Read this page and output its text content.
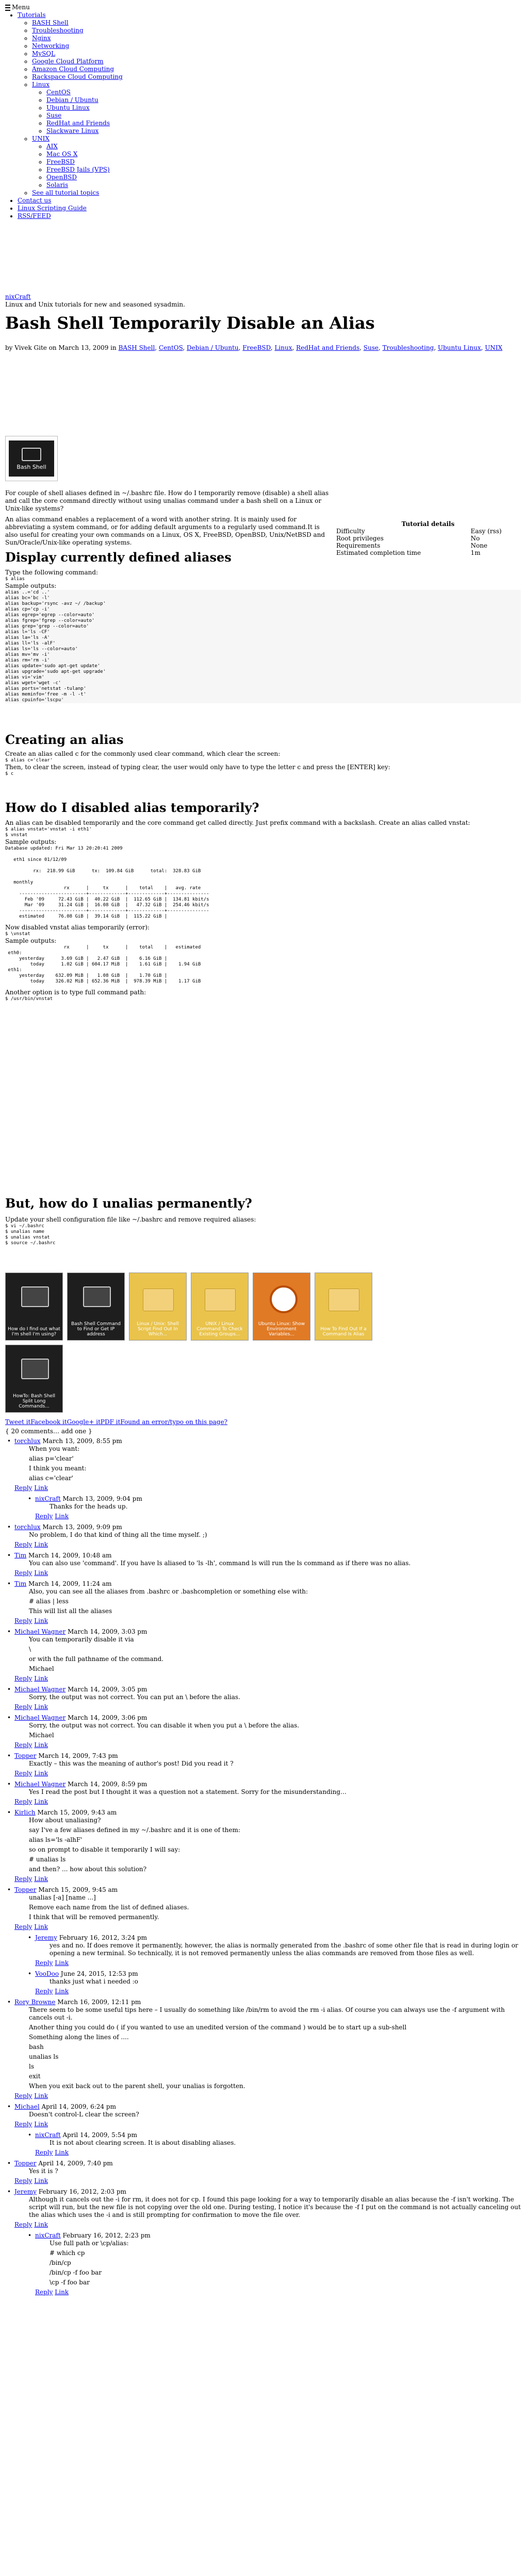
Menu
• Tutorials
◦ BASH Shell
◦ Troubleshooting
◦ Nginx
◦ Networking
◦ MySQL
◦ Google Cloud Platform
◦ Amazon Cloud Computing
◦ Rackspace Cloud Computing
◦ Linux
◦ CentOS
◦ Debian / Ubuntu
◦ Ubuntu Linux
◦ Suse
◦ RedHat and Friends
◦ Slackware Linux
◦ UNIX
◦ AIX
◦ Mac OS X
◦ FreeBSD
◦ FreeBSD Jails (VPS)
◦ OpenBSD
◦ Solaris
◦ See all tutorial topics
• Contact us
• Linux Scripting Guide
• RSS/FEED
Bash Shell Temporarily Disable an Alias
nixCraft
Linux and Unix tutorials for new and seasoned sysadmin.
by Vivek Gite on March 13, 2009 in BASH Shell, CentOS, Debian / Ubuntu, FreeBSD, Linux, RedHat and Friends, Suse, Troubleshooting, Ubuntu Linux, UNIX
Bash Shell

For couple of shell aliases defined in ~/.bashrc file. How do I temporarily remove (disable) a shell alias and call the core command directly without using unalias command under a bash shell on a Linux or Unix-like systems?

An alias command enables a replacement of a word with another string. It is mainly used for abbreviating a system command, or for adding default arguments to a regularly used command.It is also useful for creating your own commands on a Linux, OS X, FreeBSD, OpenBSD, Unix/NetBSD and Sun/Oracle/Unix-like operating systems.

Tutorial details
Difficulty	Easy (rss)
Root privileges	No
Requirements	None
Estimated completion time	1m
Display currently defined aliases
Type the following command:
$ alias
Sample outputs:
alias ..='cd ..'
alias bc='bc -l'
alias backup='rsync -avz ~/ /backup'
alias cp='cp -i'
alias egrep='egrep --color=auto'
alias fgrep='fgrep --color=auto'
alias grep='grep --color=auto'
alias l='ls -CF'
alias la='ls -A'
alias ll='ls -alF'
alias ls='ls --color=auto'
alias mv='mv -i'
alias rm='rm -i'
alias update='sudo apt-get update'
alias upgrade='sudo apt-get upgrade'
alias vi='vim'
alias wget='wget -c'
alias ports='netstat -tulanp'
alias meminfo='free -m -l -t'
alias cpuinfo='lscpu'
Creating an alias
Create an alias called c for the commonly used clear command, which clear the screen:
$ alias c='clear'
Then, to clear the screen, instead of typing clear, the user would only have to type the letter c and press the [ENTER] key:
$ c
How do I disabled alias temporarily?
An alias can be disabled temporarily and the core command get called directly. Just prefix command with a backslash. Create an alias called vnstat:
$ alias vnstat='vnstat -i eth1'
$ vnstat
Sample outputs:
Database updated: Fri Mar 13 20:20:41 2009

eth1 since 01/12/09

rx:  218.99 GiB      tx:  109.84 GiB      total:  328.83 GiB

monthly
rx      |     tx      |    total    |   avg. rate
------------------------+-------------+-------------+---------------
Feb '09     72.43 GiB |  40.22 GiB  |  112.65 GiB |  134.81 kbit/s
Mar '09     31.24 GiB |  16.08 GiB  |   47.32 GiB |  254.46 kbit/s
------------------------+-------------+-------------+---------------
estimated     76.08 GiB |  39.14 GiB  |  115.22 GiB |
Now disabled vnstat alias temporarily (error):
$ \vnstat
Sample outputs:
rx      |     tx      |    total    |   estimated
eth0:
yesterday      3.69 GiB |   2.47 GiB  |    6.16 GiB |
today      1.02 GiB | 604.17 MiB  |    1.61 GiB |    1.94 GiB
eth1:
yesterday    632.09 MiB |   1.08 GiB  |    1.70 GiB |
today    326.02 MiB | 652.36 MiB  |  978.39 MiB |    1.17 GiB
Another option is to type full command path:
$ /usr/bin/vnstat
But, how do I unalias permanently?
Update your shell configuration file like ~/.bashrc and remove required aliases:
$ vi ~/.bashrc
$ unalias name
$ unalias vnstat
$ source ~/.bashrc
How do I find out what I'm shell I'm using?
Bash Shell Command to Find or Get IP address
Linux / Unix: Shell Script Find Out In Which...
UNIX / Linux Command To Check Existing Groups...
Ubuntu Linux: Show Environment Variables...
How To Find Out If a Command Is Alias
HowTo: Bash Shell Split Long Commands...
Tweet itFacebook itGoogle+ itPDF itFound an error/typo on this page?
{ 20 comments… add one }
• torchlux March 13, 2009, 8:55 pm
When you want:
alias p='clear'
I think you meant:
alias c='clear'
Reply Link
• nixCraft March 13, 2009, 9:04 pm
Thanks for the heads up.
Reply Link
• torchlux March 13, 2009, 9:09 pm
No problem, I do that kind of thing all the time myself. ;)
Reply Link
• Tim March 14, 2009, 10:48 am
You can also use 'command'. If you have ls aliased to 'ls -lh', command ls will run the ls command as if there was no alias.
Reply Link
• Tim March 14, 2009, 11:24 am
Also, you can see all the aliases from .bashrc or .bashcompletion or something else with:
# alias | less
This will list all the aliases
Reply Link
• Michael Wagner March 14, 2009, 3:03 pm
You can temporarily disable it via
\
or with the full pathname of the command.
Michael
Reply Link
• Michael Wagner March 14, 2009, 3:05 pm
Sorry, the output was not correct. You can put an \ before the alias.
Reply Link
• Michael Wagner March 14, 2009, 3:06 pm
Sorry, the output was not correct. You can disable it when you put a \ before the alias.
Michael
Reply Link
• Topper March 14, 2009, 7:43 pm
Exactly – this was the meaning of author's post! Did you read it ?
Reply Link
• Michael Wagner March 14, 2009, 8:59 pm
Yes I read the post but I thought it was a question not a statement. Sorry for the misunderstanding…
Reply Link
• Kirlich March 15, 2009, 9:43 am
How about unaliasing?
say I've a few aliases defined in my ~/.bashrc and it is one of them:
alias ls='ls -alhF'
so on prompt to disable it temporarily I will say:
# unalias ls
and then? ... how about this solution?
Reply Link
• Topper March 15, 2009, 9:45 am
unalias [-a] [name ...]
Remove each name from the list of defined aliases.
I think that will be removed permanently.
Reply Link
• Jeremy February 16, 2012, 3:24 pm
yes and no. If does remove it permanently, however, the alias is normally generated from the .bashrc of some other file that is read in during login or opening a new terminal. So technically, it is not removed permanently unless the alias commands are removed from those files as well.
Reply Link
• VooDoo June 24, 2015, 12:53 pm
thanks just what i needed :o
Reply Link
• Rory Browne March 16, 2009, 12:11 pm
There seem to be some useful tips here – I usually do something like /bin/rm to avoid the rm -i alias. Of course you can always use the -f argument with cancels out -i.
Another thing you could do ( if you wanted to use an unedited version of the command ) would be to start up a sub-shell
Something along the lines of ....
bash
unalias ls
ls
exit
When you exit back out to the parent shell, your unalias is forgotten.
Reply Link
• Michael April 14, 2009, 6:24 pm
Doesn't control-L clear the screen?
Reply Link
• nixCraft April 14, 2009, 5:54 pm
It is not about clearing screen. It is about disabling aliases.
Reply Link
• Topper April 14, 2009, 7:40 pm
Yes it is ?
Reply Link
• Jeremy February 16, 2012, 2:03 pm
Although it cancels out the -i for rm, it does not for cp. I found this page looking for a way to temporarily disable an alias because the -f isn't working. The script will run, but the new file is not copying over the old one. During testing, I notice it's because the -f I put on the command is not actually canceling out the alias which uses the -i and is still prompting for confirmation to move the file over.
Reply Link
• nixCraft February 16, 2012, 2:23 pm
Use full path or \cp/alias:
# which cp
/bin/cp
/bin/cp -f foo bar
\cp -f foo bar
Reply Link
